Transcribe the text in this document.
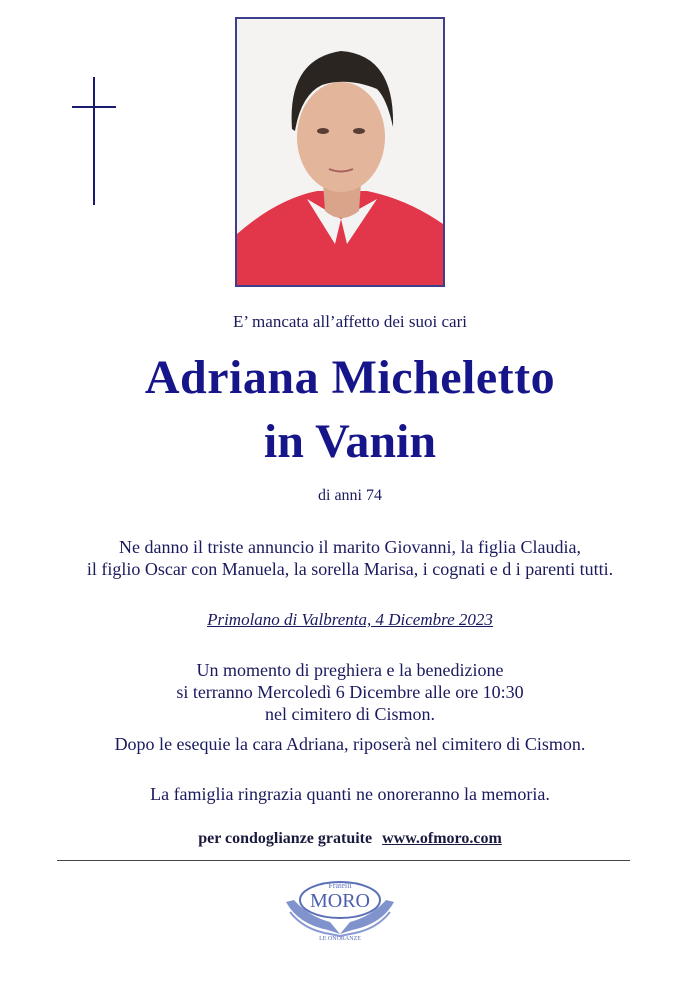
E’ mancata all’affetto dei suoi cari
Adriana Micheletto
in Vanin
di anni 74
Ne danno il triste annuncio il marito Giovanni, la figlia Claudia,
il figlio Oscar con Manuela, la sorella Marisa, i cognati e d i parenti tutti.
Primolano di Valbrenta, 4 Dicembre 2023
Un momento di preghiera e la benedizione
si terranno Mercoledì 6 Dicembre alle ore 10:30
nel cimitero di Cismon.
Dopo le esequie la cara Adriana, riposerà nel cimitero di Cismon.
La famiglia ringrazia quanti ne onoreranno la memoria.
per condoglianze gratuite www.ofmoro.com
Fratelli
MORO
LE ONORANZE
